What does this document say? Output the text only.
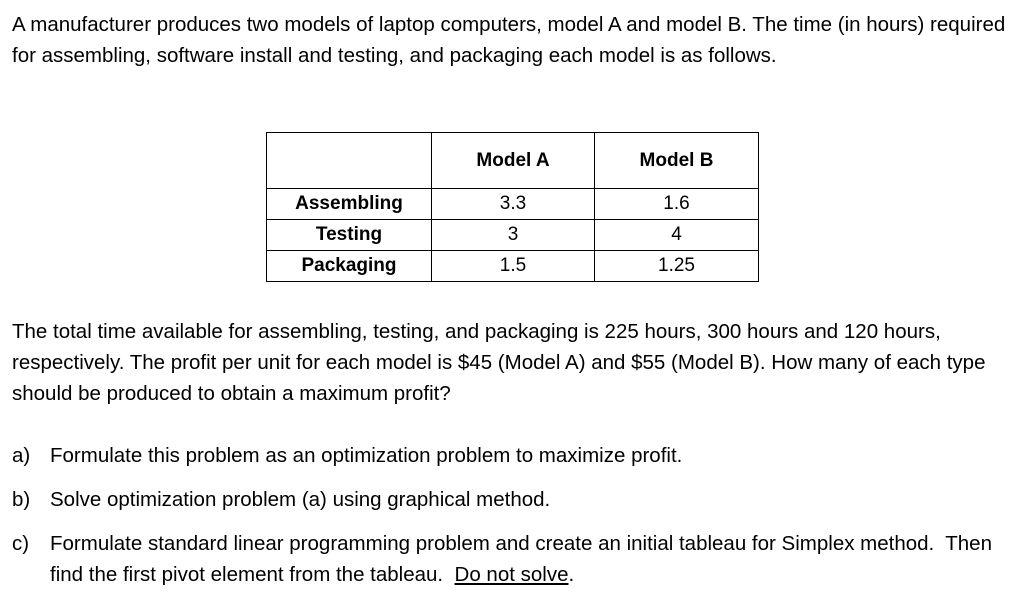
A manufacturer produces two models of laptop computers, model A and model B. The time (in hours) required for assembling, software install and testing, and packaging each model is as follows.

	Model A	Model B
Assembling	3.3	1.6
Testing	3	4
Packaging	1.5	1.25

The total time available for assembling, testing, and packaging is 225 hours, 300 hours and 120 hours, respectively. The profit per unit for each model is $45 (Model A) and $55 (Model B). How many of each type should be produced to obtain a maximum profit?

a) Formulate this problem as an optimization problem to maximize profit.
b) Solve optimization problem (a) using graphical method.
c) Formulate standard linear programming problem and create an initial tableau for Simplex method.  Then find the first pivot element from the tableau.  Do not solve.
